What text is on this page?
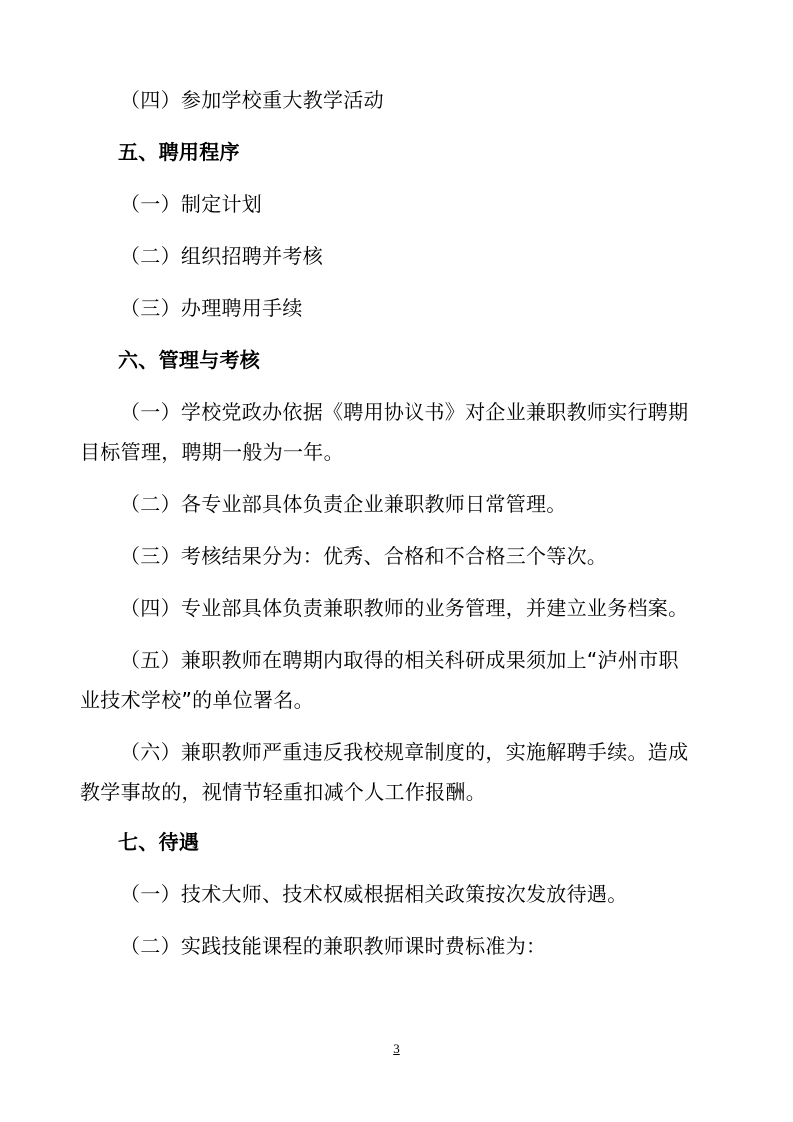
（四）参加学校重大教学活动
五、聘用程序
（一）制定计划
（二）组织招聘并考核
（三）办理聘用手续
六、管理与考核
（一）学校党政办依据《聘用协议书》对企业兼职教师实行聘期
目标管理，聘期一般为一年。
（二）各专业部具体负责企业兼职教师日常管理。
（三）考核结果分为：优秀、合格和不合格三个等次。
（四）专业部具体负责兼职教师的业务管理，并建立业务档案。
（五）兼职教师在聘期内取得的相关科研成果须加上“泸州市职
业技术学校”的单位署名。
（六）兼职教师严重违反我校规章制度的，实施解聘手续。造成
教学事故的，视情节轻重扣减个人工作报酬。
七、待遇
（一）技术大师、技术权威根据相关政策按次发放待遇。
（二）实践技能课程的兼职教师课时费标准为：
3
